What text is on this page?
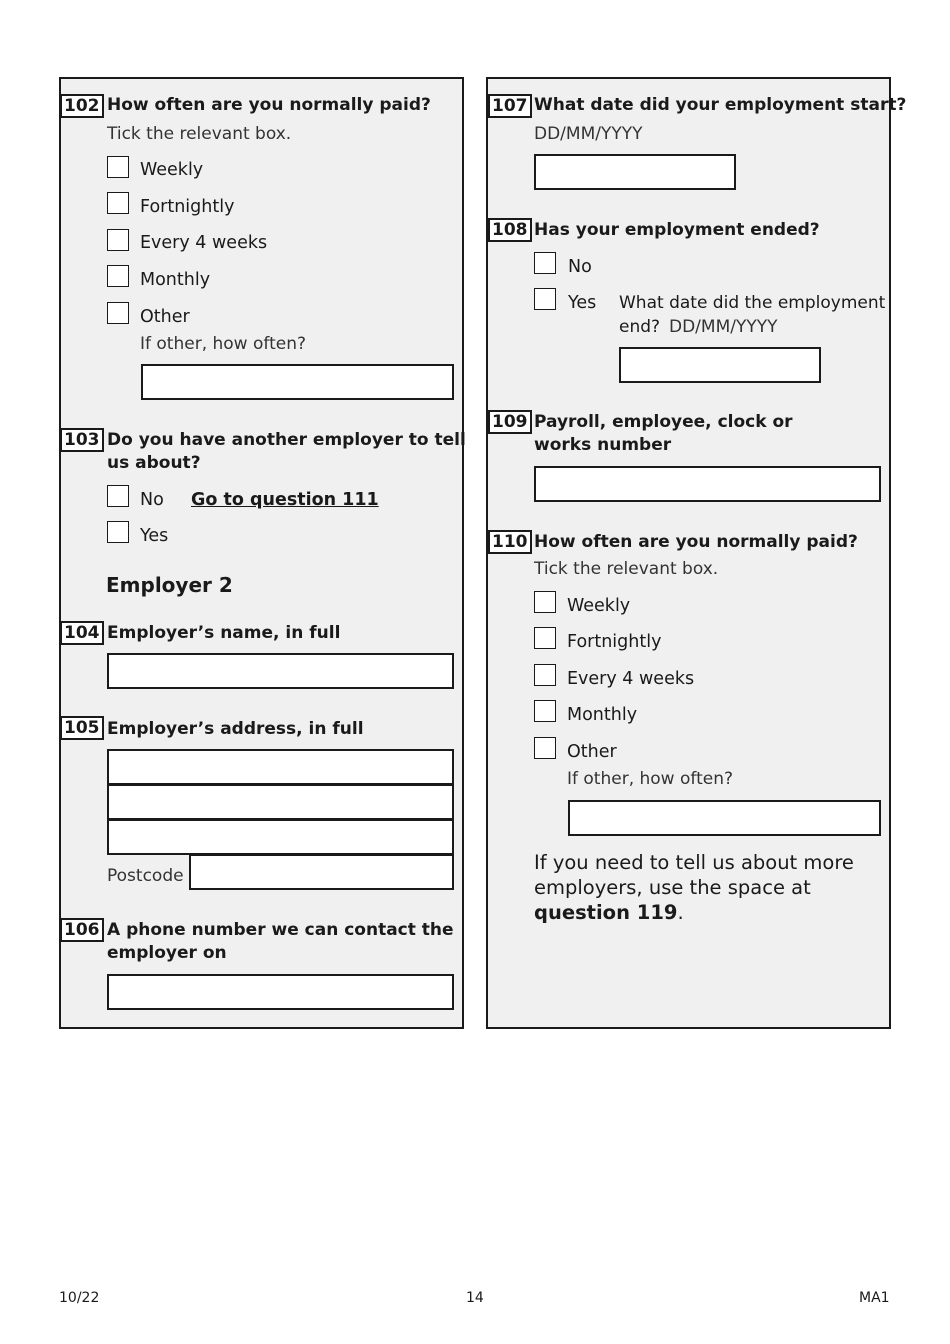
102 How often are you normally paid?
Tick the relevant box.
Weekly
Fortnightly
Every 4 weeks
Monthly
Other
If other, how often?
103 Do you have another employer to tell
us about?
No Go to question 111
Yes
Employer 2
104 Employer’s name, in full
105 Employer’s address, in full
Postcode
106 A phone number we can contact the
employer on
107 What date did your employment start?
DD/MM/YYYY
108 Has your employment ended?
No
Yes What date did the employment
end? DD/MM/YYYY
109 Payroll, employee, clock or
works number
110 How often are you normally paid?
Tick the relevant box.
Weekly
Fortnightly
Every 4 weeks
Monthly
Other
If other, how often?
If you need to tell us about more
employers, use the space at
question 119.
10/22	14	MA1
